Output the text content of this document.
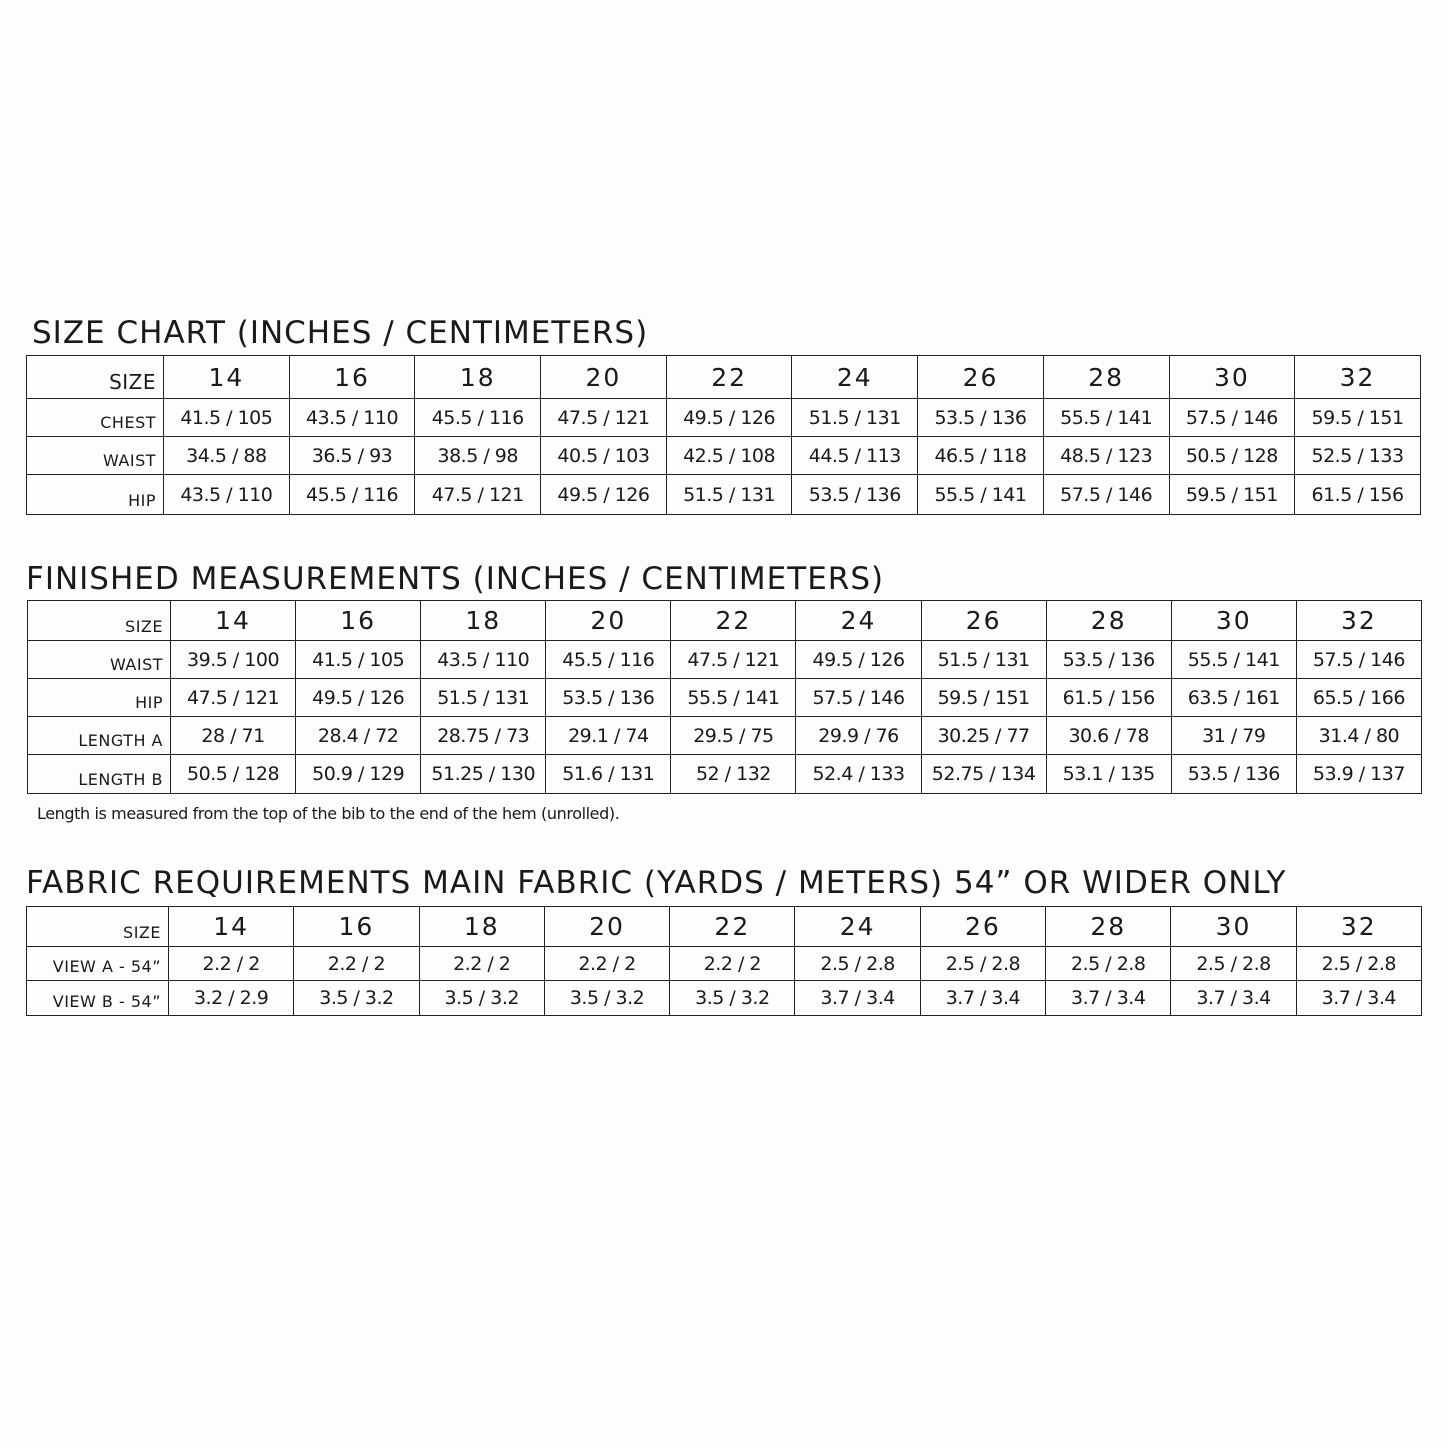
SIZE CHART (INCHES / CENTIMETERS)
SIZE	14	16	18	20	22	24	26	28	30	32
CHEST	41.5 / 105	43.5 / 110	45.5 / 116	47.5 / 121	49.5 / 126	51.5 / 131	53.5 / 136	55.5 / 141	57.5 / 146	59.5 / 151
WAIST	34.5 / 88	36.5 / 93	38.5 / 98	40.5 / 103	42.5 / 108	44.5 / 113	46.5 / 118	48.5 / 123	50.5 / 128	52.5 / 133
HIP	43.5 / 110	45.5 / 116	47.5 / 121	49.5 / 126	51.5 / 131	53.5 / 136	55.5 / 141	57.5 / 146	59.5 / 151	61.5 / 156
FINISHED MEASUREMENTS (INCHES / CENTIMETERS)
SIZE	14	16	18	20	22	24	26	28	30	32
WAIST	39.5 / 100	41.5 / 105	43.5 / 110	45.5 / 116	47.5 / 121	49.5 / 126	51.5 / 131	53.5 / 136	55.5 / 141	57.5 / 146
HIP	47.5 / 121	49.5 / 126	51.5 / 131	53.5 / 136	55.5 / 141	57.5 / 146	59.5 / 151	61.5 / 156	63.5 / 161	65.5 / 166
LENGTH A	28 / 71	28.4 / 72	28.75 / 73	29.1 / 74	29.5 / 75	29.9 / 76	30.25 / 77	30.6 / 78	31 / 79	31.4 / 80
LENGTH B	50.5 / 128	50.9 / 129	51.25 / 130	51.6 / 131	52 / 132	52.4 / 133	52.75 / 134	53.1 / 135	53.5 / 136	53.9 / 137

Length is measured from the top of the bib to the end of the hem (unrolled).

FABRIC REQUIREMENTS MAIN FABRIC (YARDS / METERS) 54” OR WIDER ONLY
SIZE	14	16	18	20	22	24	26	28	30	32
VIEW A - 54”	2.2 / 2	2.2 / 2	2.2 / 2	2.2 / 2	2.2 / 2	2.5 / 2.8	2.5 / 2.8	2.5 / 2.8	2.5 / 2.8	2.5 / 2.8
VIEW B - 54”	3.2 / 2.9	3.5 / 3.2	3.5 / 3.2	3.5 / 3.2	3.5 / 3.2	3.7 / 3.4	3.7 / 3.4	3.7 / 3.4	3.7 / 3.4	3.7 / 3.4
